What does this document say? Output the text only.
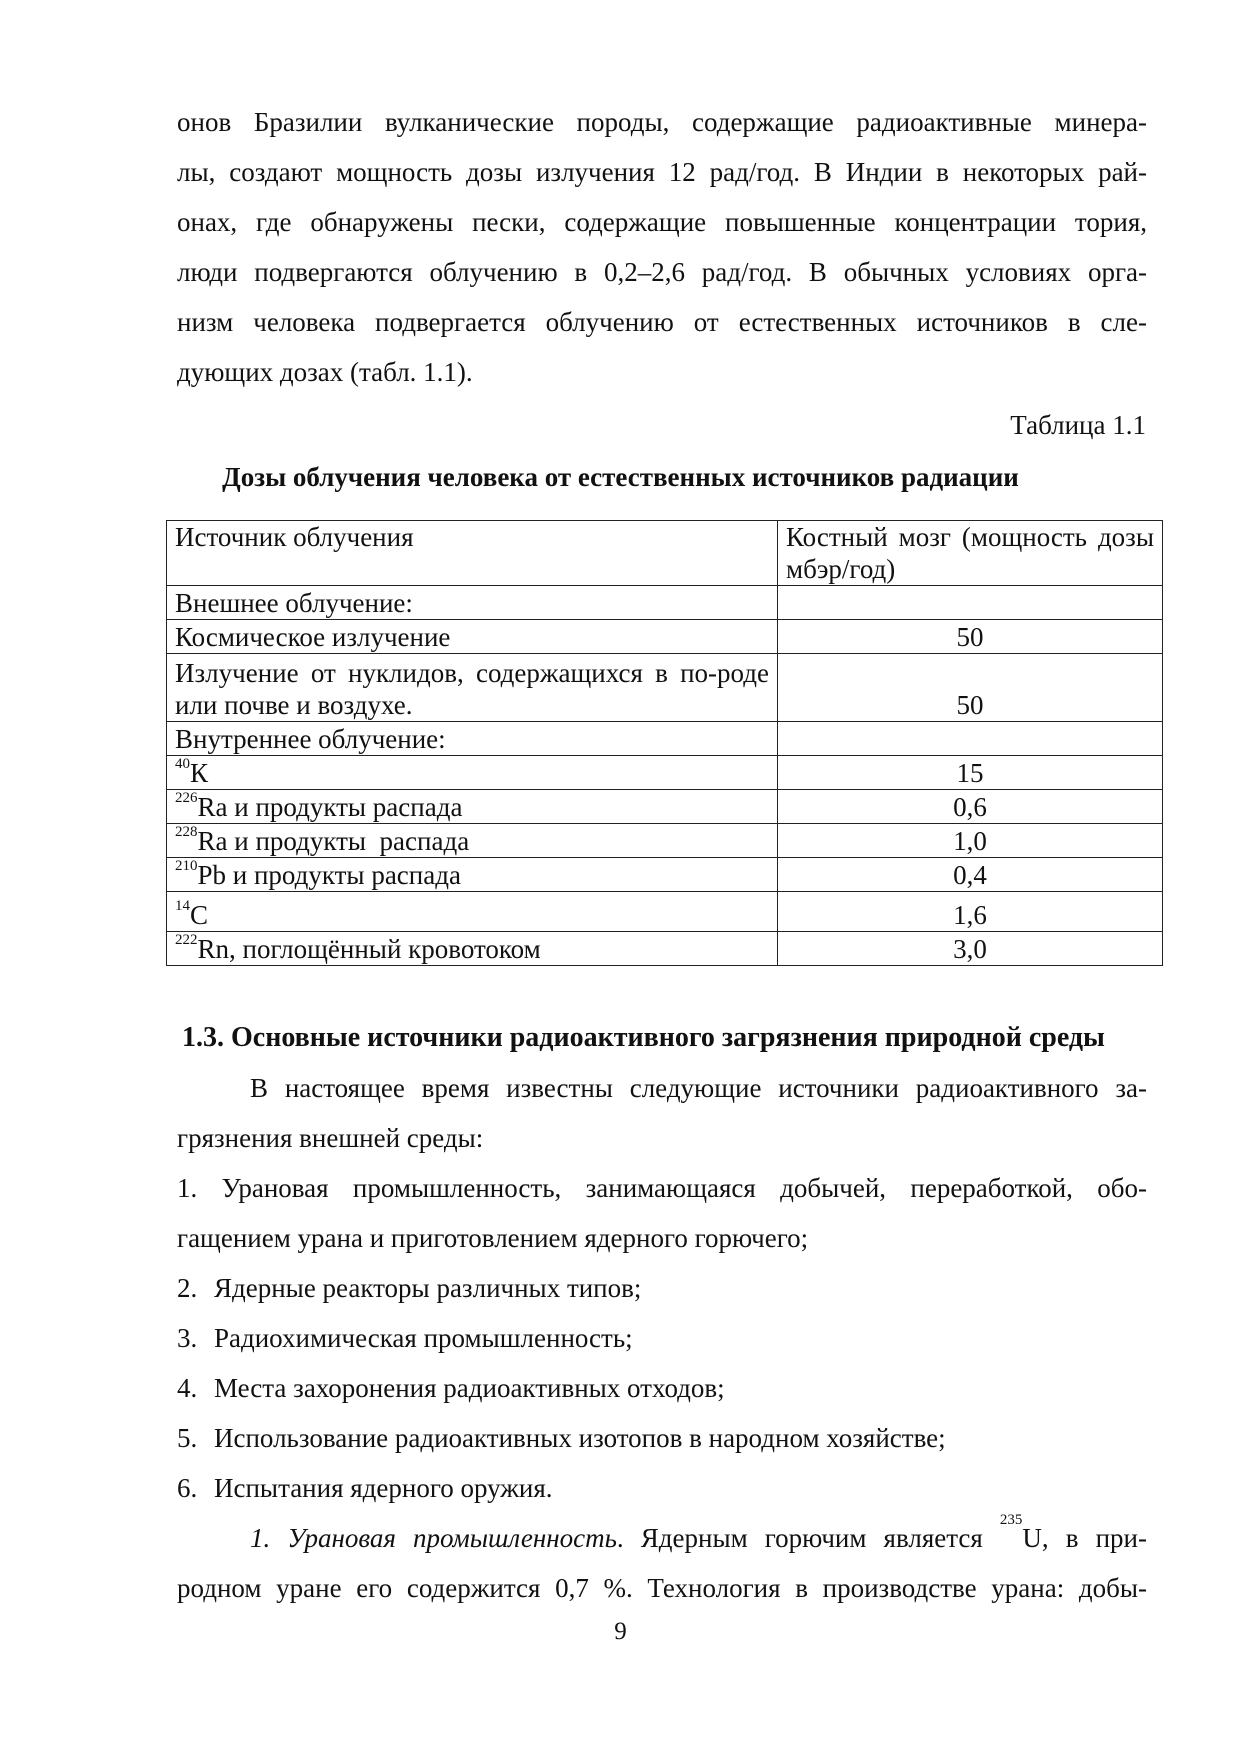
онов Бразилии вулканические породы, содержащие радиоактивные минера-
лы, создают мощность дозы излучения 12 рад/год. В Индии в некоторых рай-
онах, где обнаружены пески, содержащие повышенные концентрации тория,
люди подвергаются облучению в 0,2–2,6 рад/год. В обычных условиях орга-
низм человека подвергается облучению от естественных источников в сле-
дующих дозах (табл. 1.1).

Таблица 1.1

Дозы облучения человека от естественных источников радиации

Источник облучения	Костный мозг (мощность дозы мбэр/год)

Внешнее облучение:	
Космическое излучение	50

Излучение от нуклидов, содержащихся в по-роде или почве и воздухе.	50
Внутреннее облучение:	
$^{40}$К	15
$^{226}$Ra и продукты распада	0,6
$^{228}$Ra и продукты  распада	1,0
$^{210}$Pb и продукты распада	0,4
$^{14}$С	1,6
$^{222}$Rn, поглощённый кровотоком	3,0

1.3. Основные источники радиоактивного загрязнения природной среды

В настоящее время известны следующие источники радиоактивного за-
грязнения внешней среды:
1. Урановая промышленность, занимающаяся добычей, переработкой, обо-
гащением урана и приготовлением ядерного горючего;
2. Ядерные реакторы различных типов;
3. Радиохимическая промышленность;
4. Места захоронения радиоактивных отходов;
5. Использование радиоактивных изотопов в народном хозяйстве;
6. Испытания ядерного оружия.
1. Урановая промышленность. Ядерным горючим является $^{235}$U, в при-
родном уране его содержится 0,7 %. Технология в производстве урана: добы-

9
